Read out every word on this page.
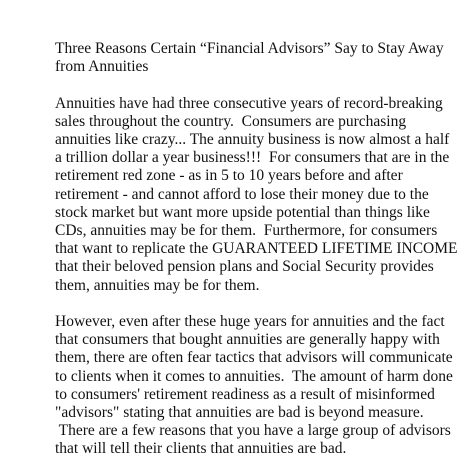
Three Reasons Certain “Financial Advisors” Say to Stay Away
from Annuities
Annuities have had three consecutive years of record-breaking
sales throughout the country.  Consumers are purchasing
annuities like crazy... The annuity business is now almost a half
a trillion dollar a year business!!!  For consumers that are in the
retirement red zone - as in 5 to 10 years before and after
retirement - and cannot afford to lose their money due to the
stock market but want more upside potential than things like
CDs, annuities may be for them.  Furthermore, for consumers
that want to replicate the GUARANTEED LIFETIME INCOME
that their beloved pension plans and Social Security provides
them, annuities may be for them.
However, even after these huge years for annuities and the fact
that consumers that bought annuities are generally happy with
them, there are often fear tactics that advisors will communicate
to clients when it comes to annuities.  The amount of harm done
to consumers' retirement readiness as a result of misinformed
"advisors" stating that annuities are bad is beyond measure.
There are a few reasons that you have a large group of advisors
that will tell their clients that annuities are bad.
